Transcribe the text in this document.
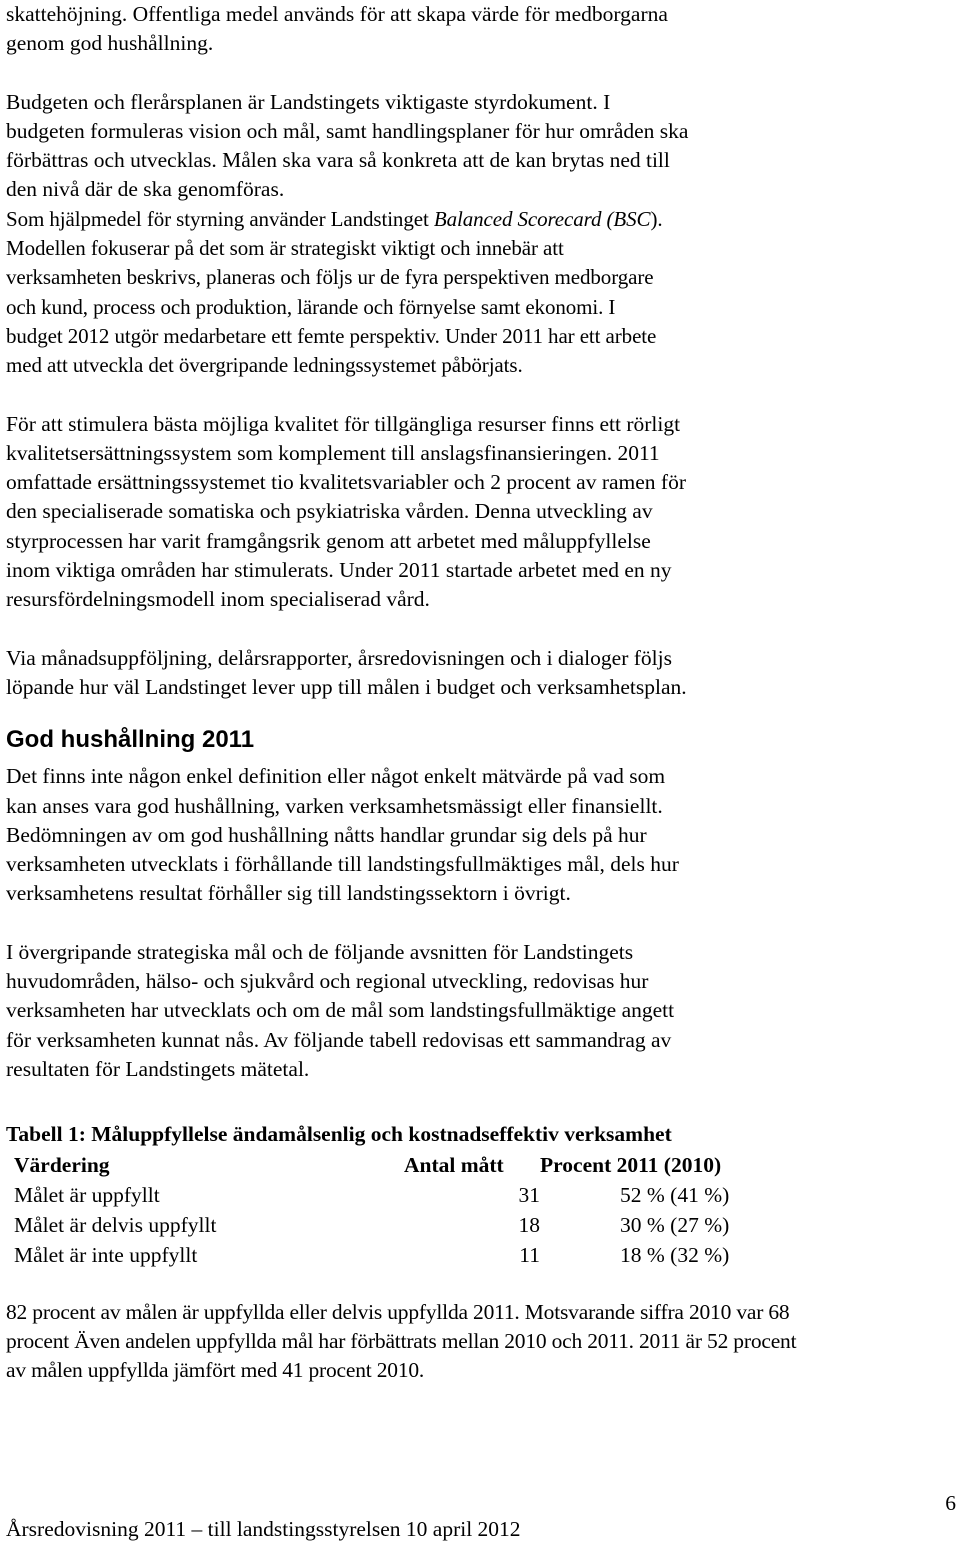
skattehöjning. Offentliga medel används för att skapa värde för medborgarna
genom god hushållning.

Budgeten och flerårsplanen är Landstingets viktigaste styrdokument. I
budgeten formuleras vision och mål, samt handlingsplaner för hur områden ska
förbättras och utvecklas. Målen ska vara så konkreta att de kan brytas ned till
den nivå där de ska genomföras.
Som hjälpmedel för styrning använder Landstinget Balanced Scorecard (BSC).
Modellen fokuserar på det som är strategiskt viktigt och innebär att
verksamheten beskrivs, planeras och följs ur de fyra perspektiven medborgare
och kund, process och produktion, lärande och förnyelse samt ekonomi. I
budget 2012 utgör medarbetare ett femte perspektiv. Under 2011 har ett arbete
med att utveckla det övergripande ledningssystemet påbörjats.

För att stimulera bästa möjliga kvalitet för tillgängliga resurser finns ett rörligt
kvalitetsersättningssystem som komplement till anslagsfinansieringen. 2011
omfattade ersättningssystemet tio kvalitetsvariabler och 2 procent av ramen för
den specialiserade somatiska och psykiatriska vården. Denna utveckling av
styrprocessen har varit framgångsrik genom att arbetet med måluppfyllelse
inom viktiga områden har stimulerats. Under 2011 startade arbetet med en ny
resursfördelningsmodell inom specialiserad vård.

Via månadsuppföljning, delårsrapporter, årsredovisningen och i dialoger följs
löpande hur väl Landstinget lever upp till målen i budget och verksamhetsplan.

God hushållning 2011

Det finns inte någon enkel definition eller något enkelt mätvärde på vad som
kan anses vara god hushållning, varken verksamhetsmässigt eller finansiellt.
Bedömningen av om god hushållning nåtts handlar grundar sig dels på hur
verksamheten utvecklats i förhållande till landstingsfullmäktiges mål, dels hur
verksamhetens resultat förhåller sig till landstingssektorn i övrigt.

I övergripande strategiska mål och de följande avsnitten för Landstingets
huvudområden, hälso- och sjukvård och regional utveckling, redovisas hur
verksamheten har utvecklats och om de mål som landstingsfullmäktige angett
för verksamheten kunnat nås. Av följande tabell redovisas ett sammandrag av
resultaten för Landstingets mätetal.

Tabell 1: Måluppfyllelse ändamålsenlig och kostnadseffektiv verksamhet

Värdering	Antal mått	Procent 2011 (2010)
Målet är uppfyllt	31	52 % (41 %)
Målet är delvis uppfyllt	18	30 % (27 %)
Målet är inte uppfyllt	11	18 % (32 %)

82 procent av målen är uppfyllda eller delvis uppfyllda 2011. Motsvarande siffra 2010 var 68
procent Även andelen uppfyllda mål har förbättrats mellan 2010 och 2011. 2011 är 52 procent
av målen uppfyllda jämfört med 41 procent 2010.

6
Årsredovisning 2011 – till landstingsstyrelsen 10 april 2012
